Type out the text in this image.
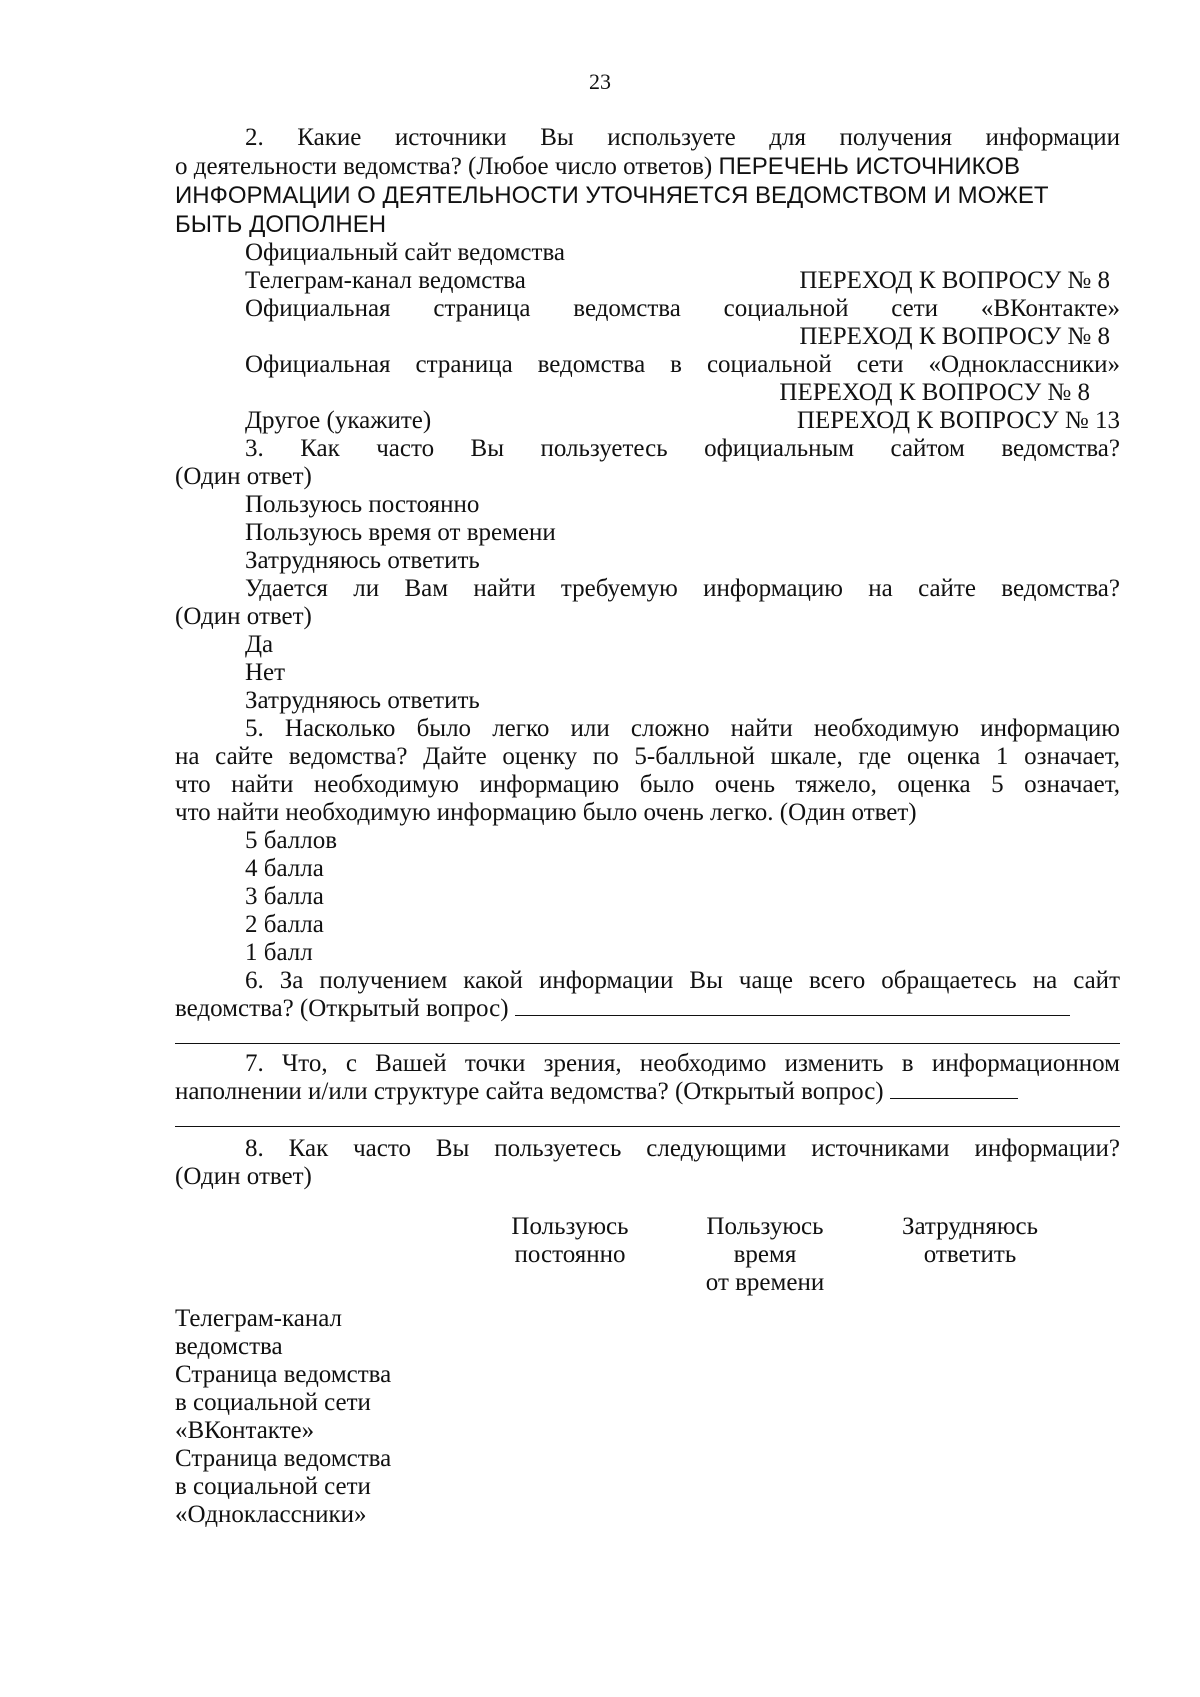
23

2. Какие источники Вы используете для получения информации

о деятельности ведомства? (Любое число ответов) ПЕРЕЧЕНЬ ИСТОЧНИКОВ

ИНФОРМАЦИИ О ДЕЯТЕЛЬНОСТИ УТОЧНЯЕТСЯ ВЕДОМСТВОМ И МОЖЕТ

БЫТЬ ДОПОЛНЕН

Официальный сайт ведомства

Телеграм-канал ведомства	ПЕРЕХОД К ВОПРОСУ № 8

Официальная страница ведомства социальной сети «ВКонтакте»

ПЕРЕХОД К ВОПРОСУ № 8

Официальная страница ведомства в социальной сети «Одноклассники»

ПЕРЕХОД К ВОПРОСУ № 8

Другое (укажите)	ПЕРЕХОД К ВОПРОСУ № 13

3. Как часто Вы пользуетесь официальным сайтом ведомства?

(Один ответ)

Пользуюсь постоянно

Пользуюсь время от времени

Затрудняюсь ответить

Удается ли Вам найти требуемую информацию на сайте ведомства?

(Один ответ)

Да

Нет

Затрудняюсь ответить

5. Насколько было легко или сложно найти необходимую информацию

на сайте ведомства? Дайте оценку по 5-балльной шкале, где оценка 1 означает,

что найти необходимую информацию было очень тяжело, оценка 5 означает,

что найти необходимую информацию было очень легко. (Один ответ)

5 баллов

4 балла

3 балла

2 балла

1 балл

6. За получением какой информации Вы чаще всего обращаетесь на сайт

ведомства? (Открытый вопрос)

7. Что, с Вашей точки зрения, необходимо изменить в информационном

наполнении и/или структуре сайта ведомства? (Открытый вопрос)

8. Как часто Вы пользуетесь следующими источниками информации?

(Один ответ)

Пользуюсь
постоянно
Пользуюсь
время
от времени
Затрудняюсь
ответить
Телеграм-канал
ведомства
Страница ведомства
в социальной сети
«ВКонтакте»
Страница ведомства
в социальной сети
«Одноклассники»
